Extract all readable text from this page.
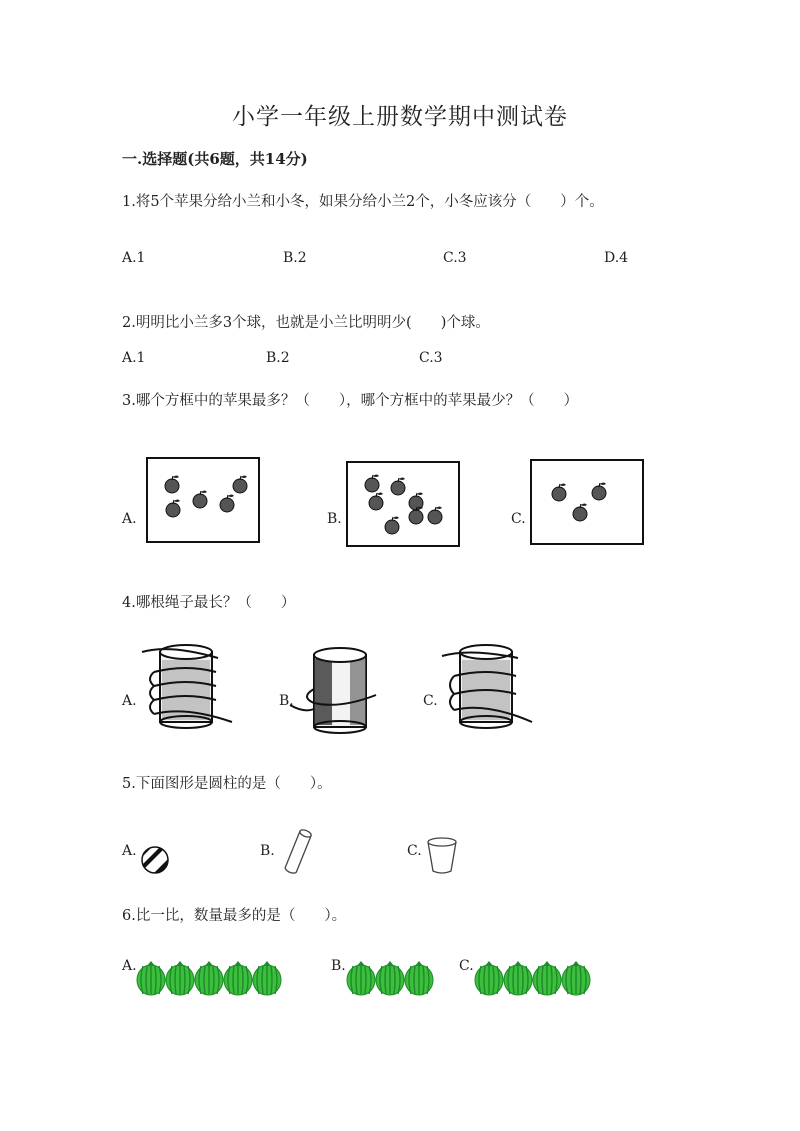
小学一年级上册数学期中测试卷
一.选择题(共6题，共14分)
1.将5个苹果分给小兰和小冬，如果分给小兰2个，小冬应该分（　　）个。
A.1	B.2	C.3	D.4
2.明明比小兰多3个球，也就是小兰比明明少(　　)个球。
A.1	B.2	C.3
3.哪个方框中的苹果最多？（　　），哪个方框中的苹果最少？（　　）
A.	B.	C.
4.哪根绳子最长？（　　）
A.	B.	C.
5.下面图形是圆柱的是（　　）。
A.	B.	C.
6.比一比，数量最多的是（　　）。
A.	B.	C.
